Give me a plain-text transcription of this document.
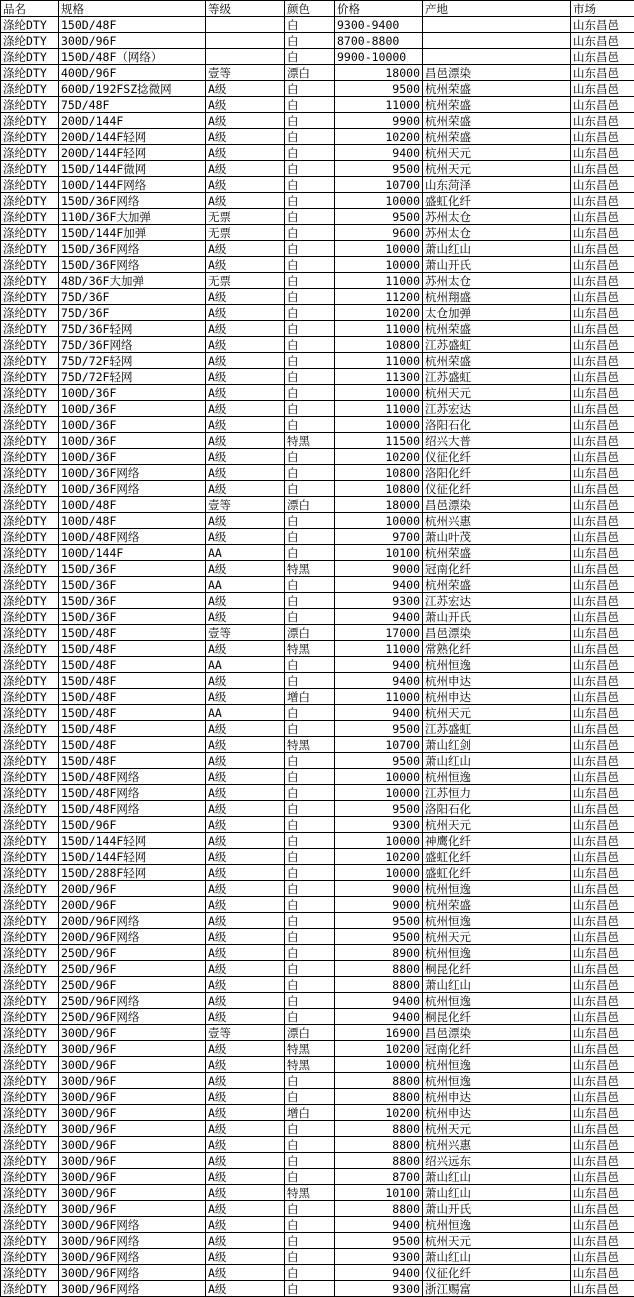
品名	规格	等级	颜色	价格	产地	市场
涤纶DTY	150D/48F		白	9300-9400		山东昌邑
涤纶DTY	300D/96F		白	8700-8800		山东昌邑
涤纶DTY	150D/48F（网络）		白	9900-10000		山东昌邑
涤纶DTY	400D/96F	壹等	漂白	18000	昌邑漂染	山东昌邑
涤纶DTY	600D/192FSZ捻微网	A级	白	9500	杭州荣盛	山东昌邑
涤纶DTY	75D/48F	A级	白	11000	杭州荣盛	山东昌邑
涤纶DTY	200D/144F	A级	白	9900	杭州荣盛	山东昌邑
涤纶DTY	200D/144F轻网	A级	白	10200	杭州荣盛	山东昌邑
涤纶DTY	200D/144F轻网	A级	白	9400	杭州天元	山东昌邑
涤纶DTY	150D/144F微网	A级	白	9500	杭州天元	山东昌邑
涤纶DTY	100D/144F网络	A级	白	10700	山东菏泽	山东昌邑
涤纶DTY	150D/36F网络	A级	白	10000	盛虹化纤	山东昌邑
涤纶DTY	110D/36F大加弹	无票	白	9500	苏州太仓	山东昌邑
涤纶DTY	150D/144F加弹	无票	白	9600	苏州太仓	山东昌邑
涤纶DTY	150D/36F网络	A级	白	10000	萧山红山	山东昌邑
涤纶DTY	150D/36F网络	A级	白	10000	萧山开氏	山东昌邑
涤纶DTY	48D/36F大加弹	无票	白	11000	苏州太仓	山东昌邑
涤纶DTY	75D/36F	A级	白	11200	杭州翔盛	山东昌邑
涤纶DTY	75D/36F	A级	白	10200	太仓加弹	山东昌邑
涤纶DTY	75D/36F轻网	A级	白	11000	杭州荣盛	山东昌邑
涤纶DTY	75D/36F网络	A级	白	10800	江苏盛虹	山东昌邑
涤纶DTY	75D/72F轻网	A级	白	11000	杭州荣盛	山东昌邑
涤纶DTY	75D/72F轻网	A级	白	11300	江苏盛虹	山东昌邑
涤纶DTY	100D/36F	A级	白	10000	杭州天元	山东昌邑
涤纶DTY	100D/36F	A级	白	11000	江苏宏达	山东昌邑
涤纶DTY	100D/36F	A级	白	10000	洛阳石化	山东昌邑
涤纶DTY	100D/36F	A级	特黑	11500	绍兴大普	山东昌邑
涤纶DTY	100D/36F	A级	白	10200	仪征化纤	山东昌邑
涤纶DTY	100D/36F网络	A级	白	10800	洛阳化纤	山东昌邑
涤纶DTY	100D/36F网络	A级	白	10800	仪征化纤	山东昌邑
涤纶DTY	100D/48F	壹等	漂白	18000	昌邑漂染	山东昌邑
涤纶DTY	100D/48F	A级	白	10000	杭州兴惠	山东昌邑
涤纶DTY	100D/48F网络	A级	白	9700	萧山叶茂	山东昌邑
涤纶DTY	100D/144F	AA	白	10100	杭州荣盛	山东昌邑
涤纶DTY	150D/36F	A级	特黑	9000	冠南化纤	山东昌邑
涤纶DTY	150D/36F	AA	白	9400	杭州荣盛	山东昌邑
涤纶DTY	150D/36F	A级	白	9300	江苏宏达	山东昌邑
涤纶DTY	150D/36F	A级	白	9400	萧山开氏	山东昌邑
涤纶DTY	150D/48F	壹等	漂白	17000	昌邑漂染	山东昌邑
涤纶DTY	150D/48F	A级	特黑	11000	常熟化纤	山东昌邑
涤纶DTY	150D/48F	AA	白	9400	杭州恒逸	山东昌邑
涤纶DTY	150D/48F	A级	白	9400	杭州申达	山东昌邑
涤纶DTY	150D/48F	A级	增白	11000	杭州申达	山东昌邑
涤纶DTY	150D/48F	AA	白	9400	杭州天元	山东昌邑
涤纶DTY	150D/48F	A级	白	9500	江苏盛虹	山东昌邑
涤纶DTY	150D/48F	A级	特黑	10700	萧山红剑	山东昌邑
涤纶DTY	150D/48F	A级	白	9500	萧山红山	山东昌邑
涤纶DTY	150D/48F网络	A级	白	10000	杭州恒逸	山东昌邑
涤纶DTY	150D/48F网络	A级	白	10000	江苏恒力	山东昌邑
涤纶DTY	150D/48F网络	A级	白	9500	洛阳石化	山东昌邑
涤纶DTY	150D/96F	A级	白	9300	杭州天元	山东昌邑
涤纶DTY	150D/144F轻网	A级	白	10000	神鹰化纤	山东昌邑
涤纶DTY	150D/144F轻网	A级	白	10200	盛虹化纤	山东昌邑
涤纶DTY	150D/288F轻网	A级	白	10000	盛虹化纤	山东昌邑
涤纶DTY	200D/96F	A级	白	9000	杭州恒逸	山东昌邑
涤纶DTY	200D/96F	A级	白	9000	杭州荣盛	山东昌邑
涤纶DTY	200D/96F网络	A级	白	9500	杭州恒逸	山东昌邑
涤纶DTY	200D/96F网络	A级	白	9500	杭州天元	山东昌邑
涤纶DTY	250D/96F	A级	白	8900	杭州恒逸	山东昌邑
涤纶DTY	250D/96F	A级	白	8800	桐昆化纤	山东昌邑
涤纶DTY	250D/96F	A级	白	8800	萧山红山	山东昌邑
涤纶DTY	250D/96F网络	A级	白	9400	杭州恒逸	山东昌邑
涤纶DTY	250D/96F网络	A级	白	9400	桐昆化纤	山东昌邑
涤纶DTY	300D/96F	壹等	漂白	16900	昌邑漂染	山东昌邑
涤纶DTY	300D/96F	A级	特黑	10200	冠南化纤	山东昌邑
涤纶DTY	300D/96F	A级	特黑	10000	杭州恒逸	山东昌邑
涤纶DTY	300D/96F	A级	白	8800	杭州恒逸	山东昌邑
涤纶DTY	300D/96F	A级	白	8800	杭州申达	山东昌邑
涤纶DTY	300D/96F	A级	增白	10200	杭州申达	山东昌邑
涤纶DTY	300D/96F	A级	白	8800	杭州天元	山东昌邑
涤纶DTY	300D/96F	A级	白	8800	杭州兴惠	山东昌邑
涤纶DTY	300D/96F	A级	白	8800	绍兴远东	山东昌邑
涤纶DTY	300D/96F	A级	白	8700	萧山红山	山东昌邑
涤纶DTY	300D/96F	A级	特黑	10100	萧山红山	山东昌邑
涤纶DTY	300D/96F	A级	白	8800	萧山开氏	山东昌邑
涤纶DTY	300D/96F网络	A级	白	9400	杭州恒逸	山东昌邑
涤纶DTY	300D/96F网络	A级	白	9500	杭州天元	山东昌邑
涤纶DTY	300D/96F网络	A级	白	9300	萧山红山	山东昌邑
涤纶DTY	300D/96F网络	A级	白	9400	仪征化纤	山东昌邑
涤纶DTY	300D/96F网络	A级	白	9300	浙江赐富	山东昌邑
